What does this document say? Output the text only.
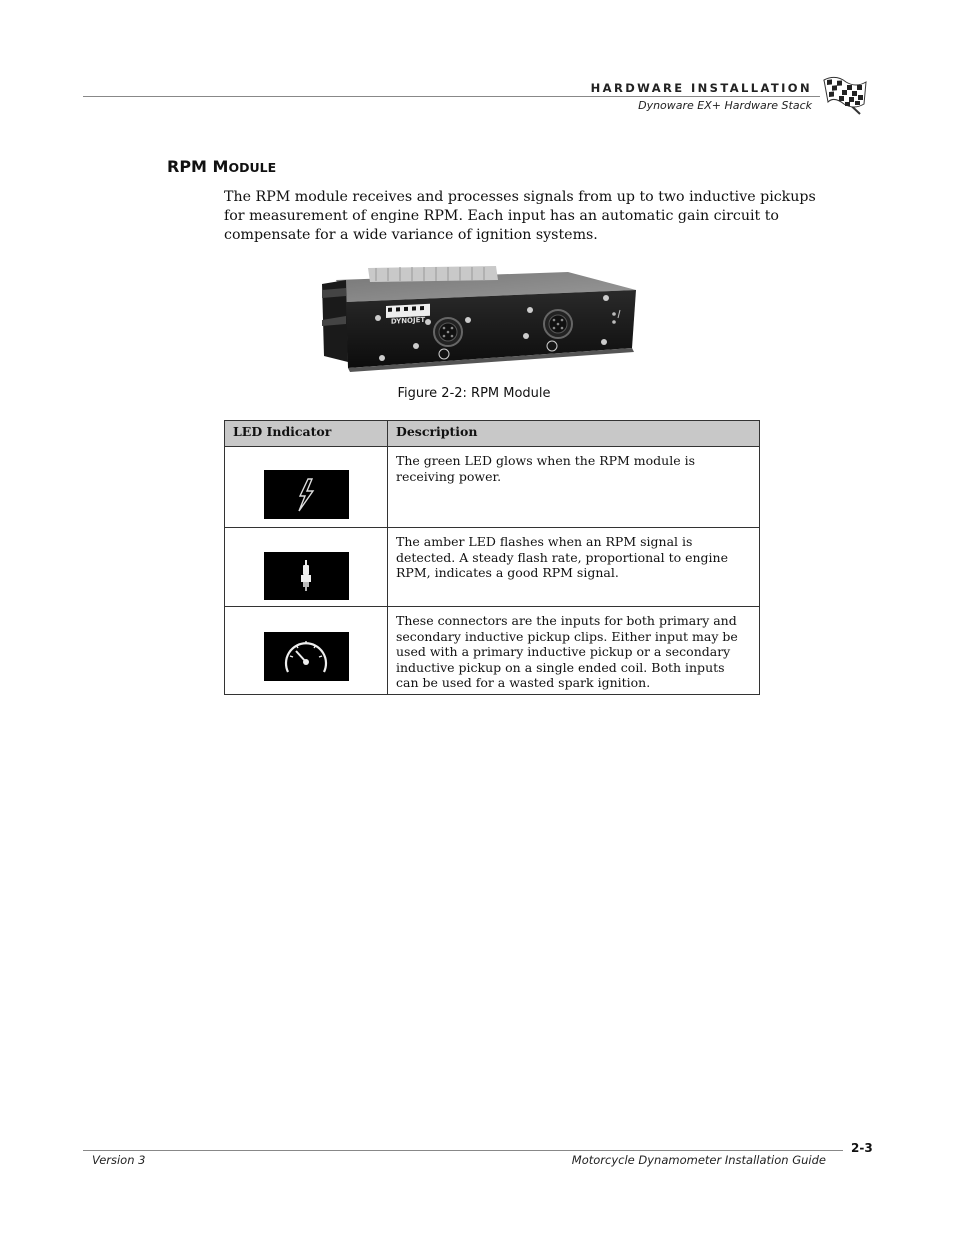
HARDWARE INSTALLATION
Dynoware EX+ Hardware Stack
RPM MODULE
The RPM module receives and processes signals from up to two inductive pickups for measurement of engine RPM. Each input has an automatic gain circuit to compensate for a wide variance of ignition systems.
DYNOJET
Figure 2-2: RPM Module
LED Indicator	Description
	The green LED glows when the RPM module is receiving power.
	The amber LED flashes when an RPM signal is detected. A steady flash rate, proportional to engine RPM, indicates a good RPM signal.
	These connectors are the inputs for both primary and secondary inductive pickup clips. Either input may be used with a primary inductive pickup or a secondary inductive pickup on a single ended coil. Both inputs can be used for a wasted spark ignition.
2-3
Version 3	Motorcycle Dynamometer Installation Guide
